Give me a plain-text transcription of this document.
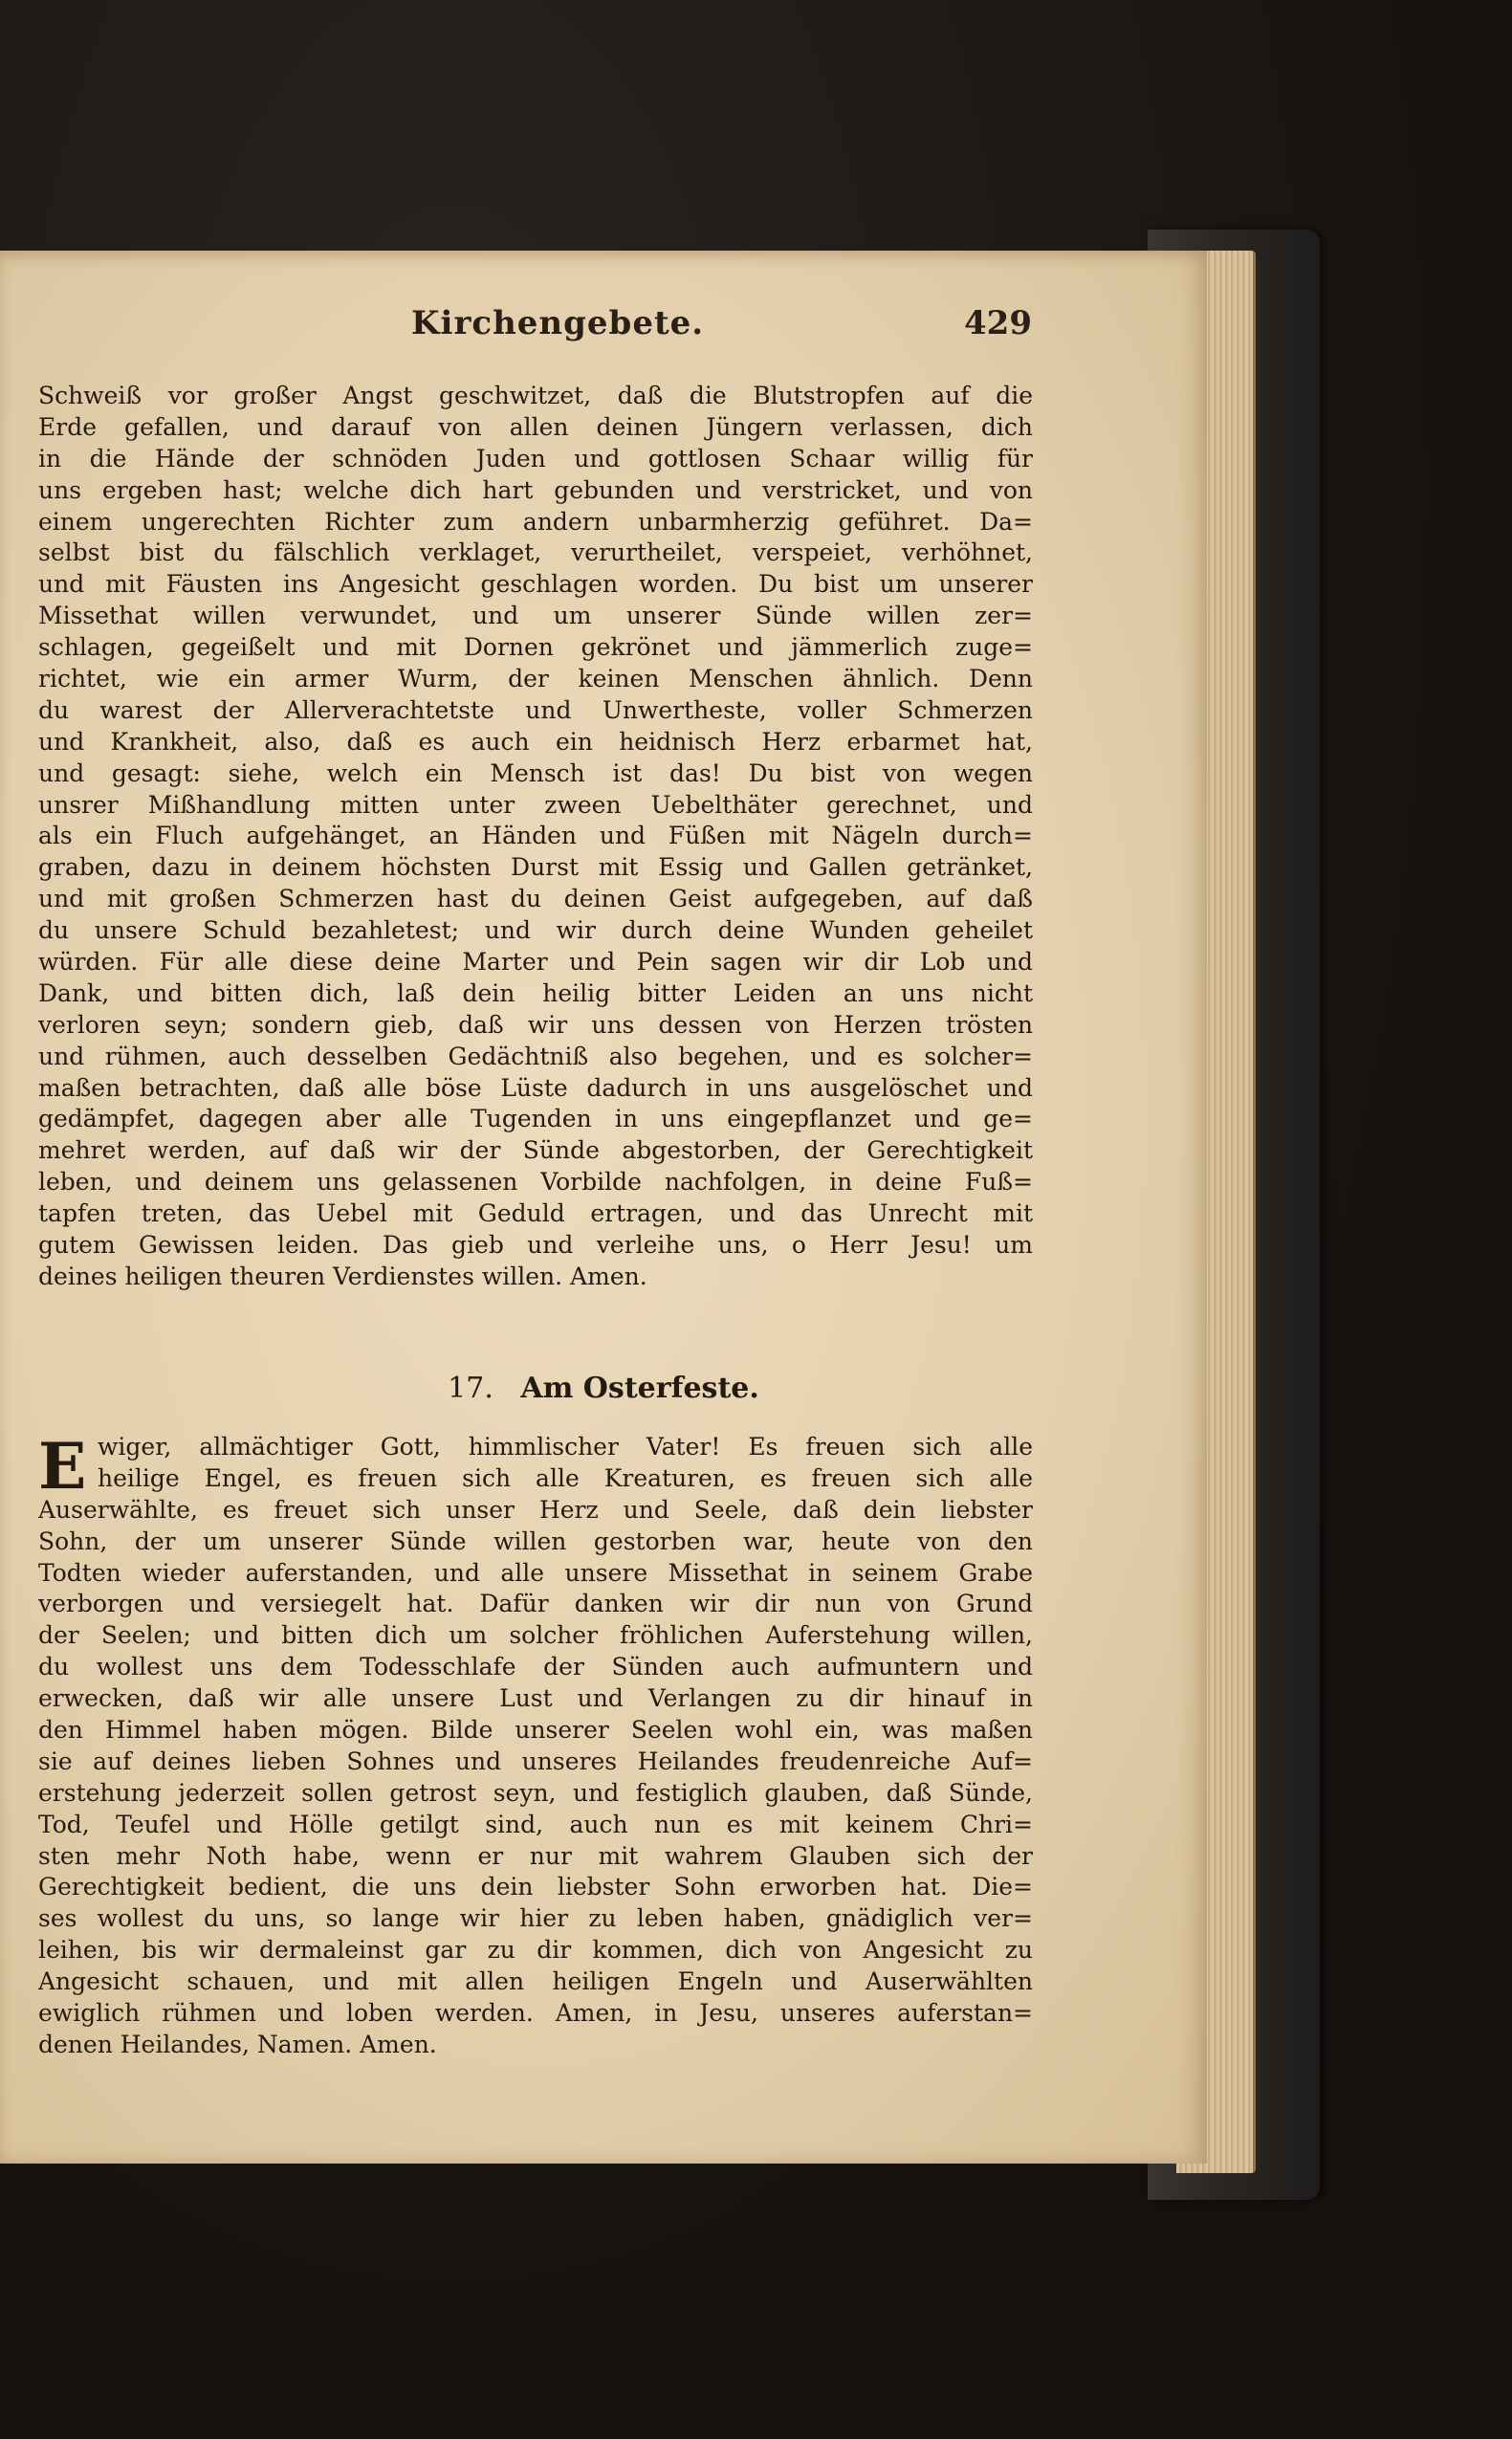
Kirchengebete.	429
Schweiß vor großer Angst geschwitzet, daß die Blutstropfen auf die
Erde gefallen, und darauf von allen deinen Jüngern verlassen, dich
in die Hände der schnöden Juden und gottlosen Schaar willig für
uns ergeben hast; welche dich hart gebunden und verstricket, und von
einem ungerechten Richter zum andern unbarmherzig geführet. Da=
selbst bist du fälschlich verklaget, verurtheilet, verspeiet, verhöhnet,
und mit Fäusten ins Angesicht geschlagen worden. Du bist um unserer
Missethat willen verwundet, und um unserer Sünde willen zer=
schlagen, gegeißelt und mit Dornen gekrönet und jämmerlich zuge=
richtet, wie ein armer Wurm, der keinen Menschen ähnlich. Denn
du warest der Allerverachtetste und Unwertheste, voller Schmerzen
und Krankheit, also, daß es auch ein heidnisch Herz erbarmet hat,
und gesagt: siehe, welch ein Mensch ist das! Du bist von wegen
unsrer Mißhandlung mitten unter zween Uebelthäter gerechnet, und
als ein Fluch aufgehänget, an Händen und Füßen mit Nägeln durch=
graben, dazu in deinem höchsten Durst mit Essig und Gallen getränket,
und mit großen Schmerzen hast du deinen Geist aufgegeben, auf daß
du unsere Schuld bezahletest; und wir durch deine Wunden geheilet
würden. Für alle diese deine Marter und Pein sagen wir dir Lob und
Dank, und bitten dich, laß dein heilig bitter Leiden an uns nicht
verloren seyn; sondern gieb, daß wir uns dessen von Herzen trösten
und rühmen, auch desselben Gedächtniß also begehen, und es solcher=
maßen betrachten, daß alle böse Lüste dadurch in uns ausgelöschet und
gedämpfet, dagegen aber alle Tugenden in uns eingepflanzet und ge=
mehret werden, auf daß wir der Sünde abgestorben, der Gerechtigkeit
leben, und deinem uns gelassenen Vorbilde nachfolgen, in deine Fuß=
tapfen treten, das Uebel mit Geduld ertragen, und das Unrecht mit
gutem Gewissen leiden. Das gieb und verleihe uns, o Herr Jesu! um
deines heiligen theuren Verdienstes willen. Amen.
17. Am Osterfeste.
E wiger, allmächtiger Gott, himmlischer Vater! Es freuen sich alle
heilige Engel, es freuen sich alle Kreaturen, es freuen sich alle
Auserwählte, es freuet sich unser Herz und Seele, daß dein liebster
Sohn, der um unserer Sünde willen gestorben war, heute von den
Todten wieder auferstanden, und alle unsere Missethat in seinem Grabe
verborgen und versiegelt hat. Dafür danken wir dir nun von Grund
der Seelen; und bitten dich um solcher fröhlichen Auferstehung willen,
du wollest uns dem Todesschlafe der Sünden auch aufmuntern und
erwecken, daß wir alle unsere Lust und Verlangen zu dir hinauf in
den Himmel haben mögen. Bilde unserer Seelen wohl ein, was maßen
sie auf deines lieben Sohnes und unseres Heilandes freudenreiche Auf=
erstehung jederzeit sollen getrost seyn, und festiglich glauben, daß Sünde,
Tod, Teufel und Hölle getilgt sind, auch nun es mit keinem Chri=
sten mehr Noth habe, wenn er nur mit wahrem Glauben sich der
Gerechtigkeit bedient, die uns dein liebster Sohn erworben hat. Die=
ses wollest du uns, so lange wir hier zu leben haben, gnädiglich ver=
leihen, bis wir dermaleinst gar zu dir kommen, dich von Angesicht zu
Angesicht schauen, und mit allen heiligen Engeln und Auserwählten
ewiglich rühmen und loben werden. Amen, in Jesu, unseres auferstan=
denen Heilandes, Namen. Amen.
